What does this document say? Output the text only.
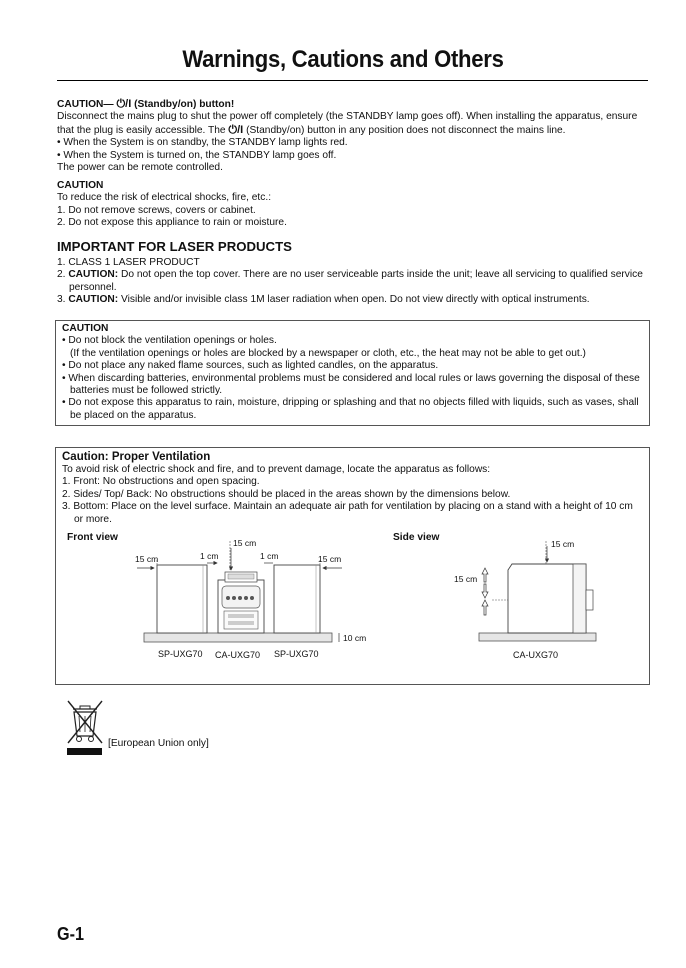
Warnings, Cautions and Others

CAUTION— ⏻/I (Standby/on) button!

Disconnect the mains plug to shut the power off completely (the STANDBY lamp goes off). When installing the apparatus, ensure that the plug is easily accessible. The ⏻/I (Standby/on) button in any position does not disconnect the mains line.

• When the System is on standby, the STANDBY lamp lights red.

• When the System is turned on, the STANDBY lamp goes off.

The power can be remote controlled.

CAUTION

To reduce the risk of electrical shocks, fire, etc.:

1. Do not remove screws, covers or cabinet.

2. Do not expose this appliance to rain or moisture.

IMPORTANT FOR LASER PRODUCTS

1. CLASS 1 LASER PRODUCT

2. CAUTION: Do not open the top cover. There are no user serviceable parts inside the unit; leave all servicing to qualified service personnel.

3. CAUTION: Visible and/or invisible class 1M laser radiation when open. Do not view directly with optical instruments.

CAUTION

• Do not block the ventilation openings or holes.

(If the ventilation openings or holes are blocked by a newspaper or cloth, etc., the heat may not be able to get out.)

• Do not place any naked flame sources, such as lighted candles, on the apparatus.

• When discarding batteries, environmental problems must be considered and local rules or laws governing the disposal of these batteries must be followed strictly.

• Do not expose this apparatus to rain, moisture, dripping or splashing and that no objects filled with liquids, such as vases, shall be placed on the apparatus.

Caution: Proper Ventilation

To avoid risk of electric shock and fire, and to prevent damage, locate the apparatus as follows:

1. Front: No obstructions and open spacing.

2. Sides/ Top/ Back: No obstructions should be placed in the areas shown by the dimensions below.

3. Bottom: Place on the level surface. Maintain an adequate air path for ventilation by placing on a stand with a height of 10 cm or more.

Front view	Side view
15 cm	1 cm	1 cm	15 cm
15 cm
10 cm
SP-UXG70 CA-UXG70 SP-UXG70
15 cm
15 cm
CA-UXG70
[European Union only]
G-1
